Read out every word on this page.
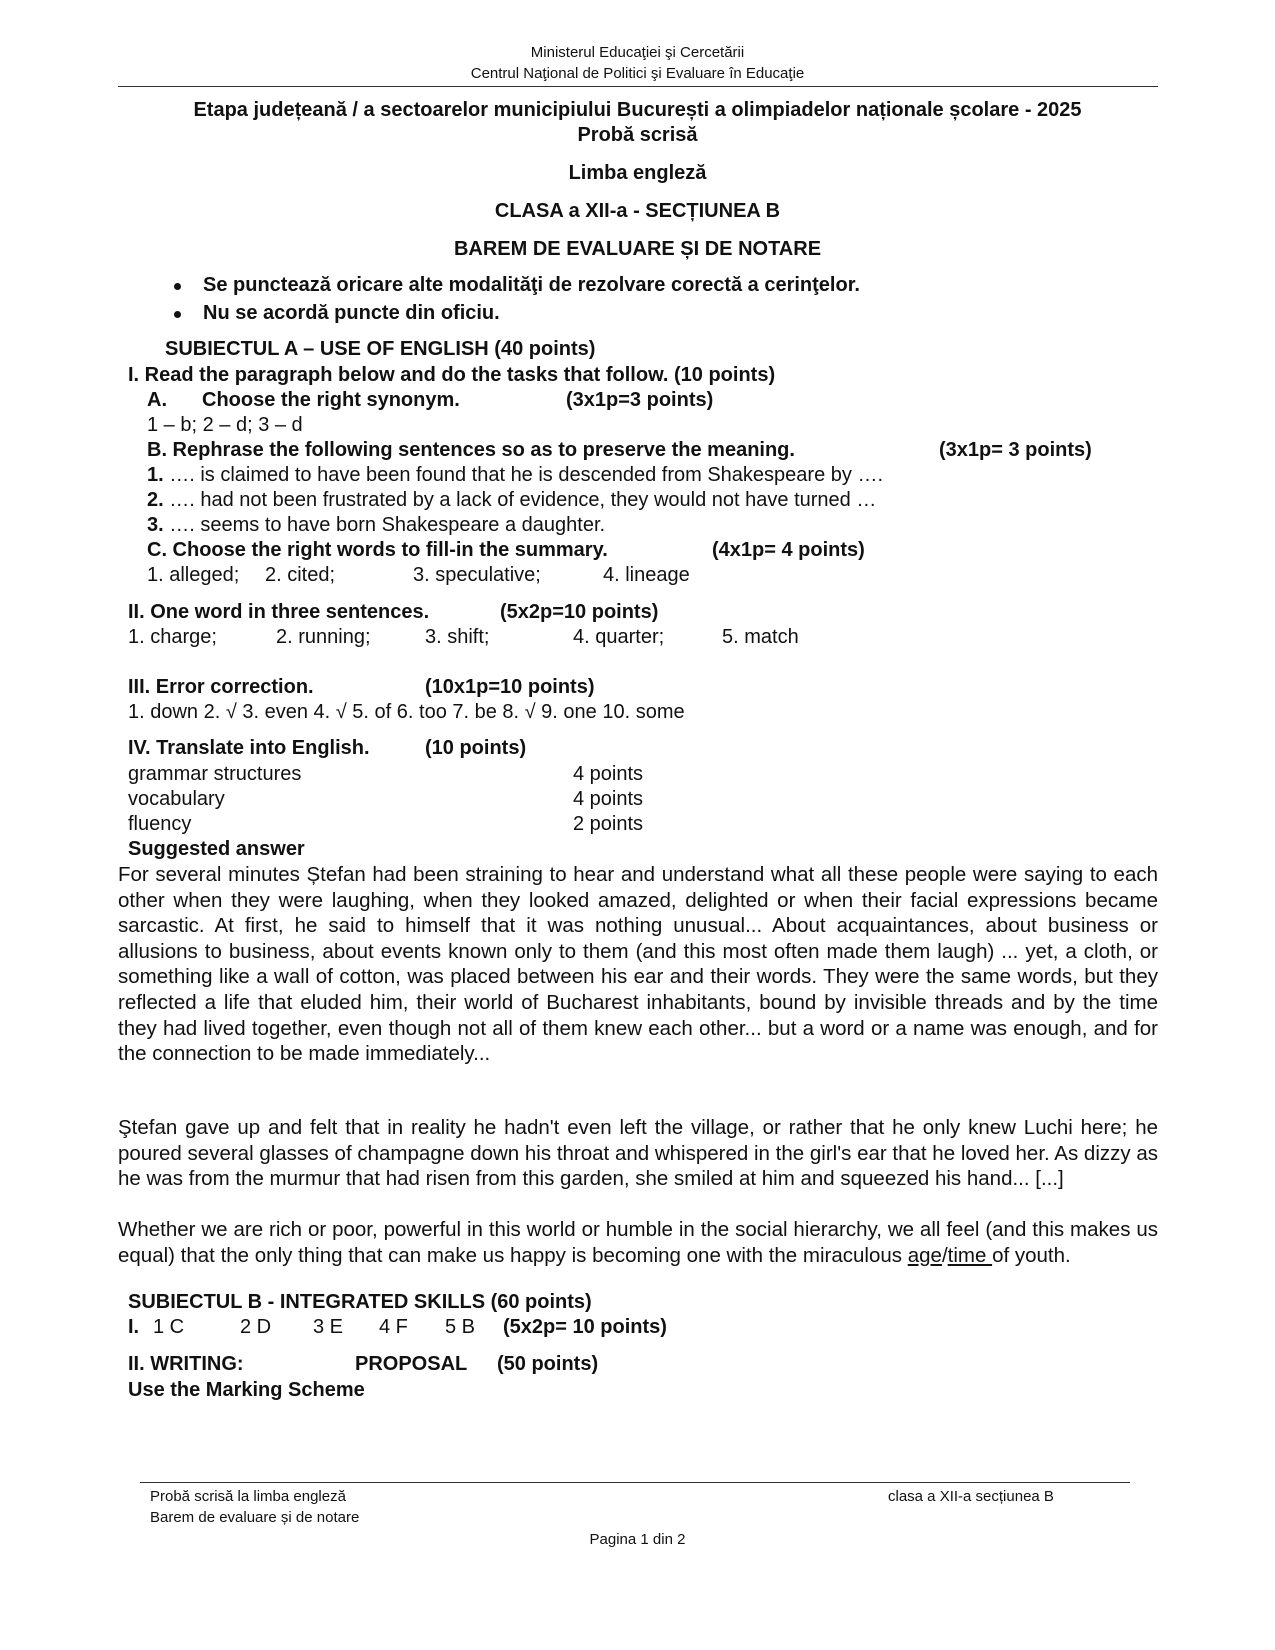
Ministerul Educaţiei şi Cercetării
Centrul Naţional de Politici şi Evaluare în Educaţie
Etapa județeană / a sectoarelor municipiului București a olimpiadelor naționale școlare - 2025
Probă scrisă
Limba engleză
CLASA a XII-a - SECȚIUNEA B
BAREM DE EVALUARE ȘI DE NOTARE
Se punctează oricare alte modalităţi de rezolvare corectă a cerinţelor.
Nu se acordă puncte din oficiu.
SUBIECTUL A – USE OF ENGLISH (40 points)
I. Read the paragraph below and do the tasks that follow. (10 points)
A. Choose the right synonym.	(3x1p=3 points)
1 – b; 2 – d; 3 – d
B. Rephrase the following sentences so as to preserve the meaning.	(3x1p= 3 points)
1. …. is claimed to have been found that he is descended from Shakespeare by ….
2. …. had not been frustrated by a lack of evidence, they would not have turned …
3. …. seems to have born Shakespeare a daughter.
C. Choose the right words to fill-in the summary.	(4x1p= 4 points)
1. alleged; 2. cited;	3. speculative;	4. lineage
II. One word in three sentences.	(5x2p=10 points)
1. charge;	2. running;	3. shift;	4. quarter;	5. match
III. Error correction.	(10x1p=10 points)
1. down 2. √ 3. even 4. √ 5. of 6. too 7. be 8. √ 9. one 10. some
IV. Translate into English.	(10 points)
grammar structures	4 points
vocabulary	4 points
fluency	2 points
Suggested answer
For several minutes Ștefan had been straining to hear and understand what all these people were saying to each other when they were laughing, when they looked amazed, delighted or when their facial expressions became sarcastic. At first, he said to himself that it was nothing unusual... About acquaintances, about business or allusions to business, about events known only to them (and this most often made them laugh) ... yet, a cloth, or something like a wall of cotton, was placed between his ear and their words. They were the same words, but they reflected a life that eluded him, their world of Bucharest inhabitants, bound by invisible threads and by the time they had lived together, even though not all of them knew each other... but a word or a name was enough, and for the connection to be made immediately...
Ştefan gave up and felt that in reality he hadn't even left the village, or rather that he only knew Luchi here; he poured several glasses of champagne down his throat and whispered in the girl's ear that he loved her. As dizzy as he was from the murmur that had risen from this garden, she smiled at him and squeezed his hand... [...]
Whether we are rich or poor, powerful in this world or humble in the social hierarchy, we all feel (and this makes us equal) that the only thing that can make us happy is becoming one with the miraculous age/time of youth.
SUBIECTUL B - INTEGRATED SKILLS (60 points)
I. 1 C	2 D 3 E 4 F 5 B (5x2p= 10 points)
II. WRITING:	PROPOSAL (50 points)
Use the Marking Scheme
Probă scrisă la limba engleză
Barem de evaluare și de notare
clasa a XII-a secțiunea B
Pagina 1 din 2
